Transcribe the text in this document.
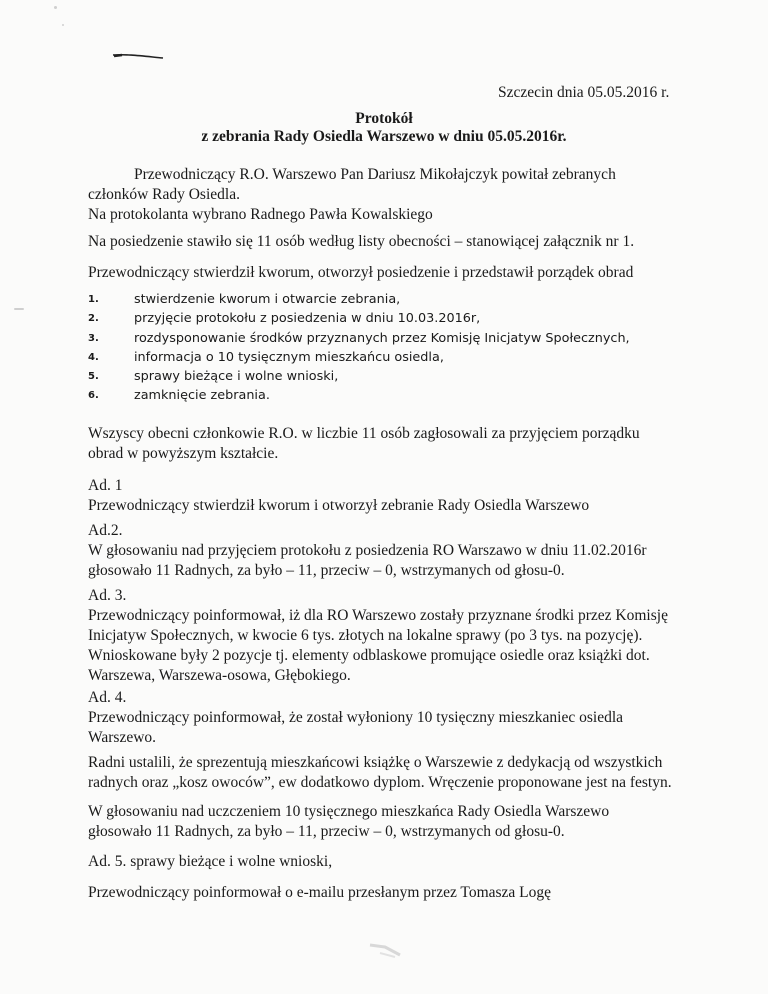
Szczecin dnia 05.05.2016 r.
Protokół
z zebrania Rady Osiedla Warszewo w dniu 05.05.2016r.
Przewodniczący R.O. Warszewo Pan Dariusz Mikołajczyk powitał zebranych
członków Rady Osiedla.
Na protokolanta wybrano Radnego Pawła Kowalskiego
Na posiedzenie stawiło się 11 osób według listy obecności – stanowiącej załącznik nr 1.
Przewodniczący stwierdził kworum, otworzył posiedzenie i przedstawił porządek obrad
1.	stwierdzenie kworum i otwarcie zebrania,
2.	przyjęcie protokołu z posiedzenia w dniu 10.03.2016r,
3.	rozdysponowanie środków przyznanych przez Komisję Inicjatyw Społecznych,
4.	informacja o 10 tysięcznym mieszkańcu osiedla,
5.	sprawy bieżące i wolne wnioski,
6.	zamknięcie zebrania.
Wszyscy obecni członkowie R.O. w liczbie 11 osób zagłosowali za przyjęciem porządku
obrad w powyższym kształcie.
Ad. 1
Przewodniczący stwierdził kworum i otworzył zebranie Rady Osiedla Warszewo
Ad.2.
W głosowaniu nad przyjęciem protokołu z posiedzenia RO Warszawo w dniu 11.02.2016r
głosowało 11 Radnych, za było – 11, przeciw – 0, wstrzymanych od głosu-0.
Ad. 3.
Przewodniczący poinformował, iż dla RO Warszewo zostały przyznane środki przez Komisję
Inicjatyw Społecznych, w kwocie 6 tys. złotych na lokalne sprawy (po 3 tys. na pozycję).
Wnioskowane były 2 pozycje tj. elementy odblaskowe promujące osiedle oraz książki dot.
Warszewa, Warszewa-osowa, Głębokiego.
Ad. 4.
Przewodniczący poinformował, że został wyłoniony 10 tysięczny mieszkaniec osiedla
Warszewo.
Radni ustalili, że sprezentują mieszkańcowi książkę o Warszewie z dedykacją od wszystkich
radnych oraz „kosz owoców”, ew dodatkowo dyplom. Wręczenie proponowane jest na festyn.
W głosowaniu nad uczczeniem 10 tysięcznego mieszkańca Rady Osiedla Warszewo
głosowało 11 Radnych, za było – 11, przeciw – 0, wstrzymanych od głosu-0.
Ad. 5. sprawy bieżące i wolne wnioski,
Przewodniczący poinformował o e-mailu przesłanym przez Tomasza Logę
